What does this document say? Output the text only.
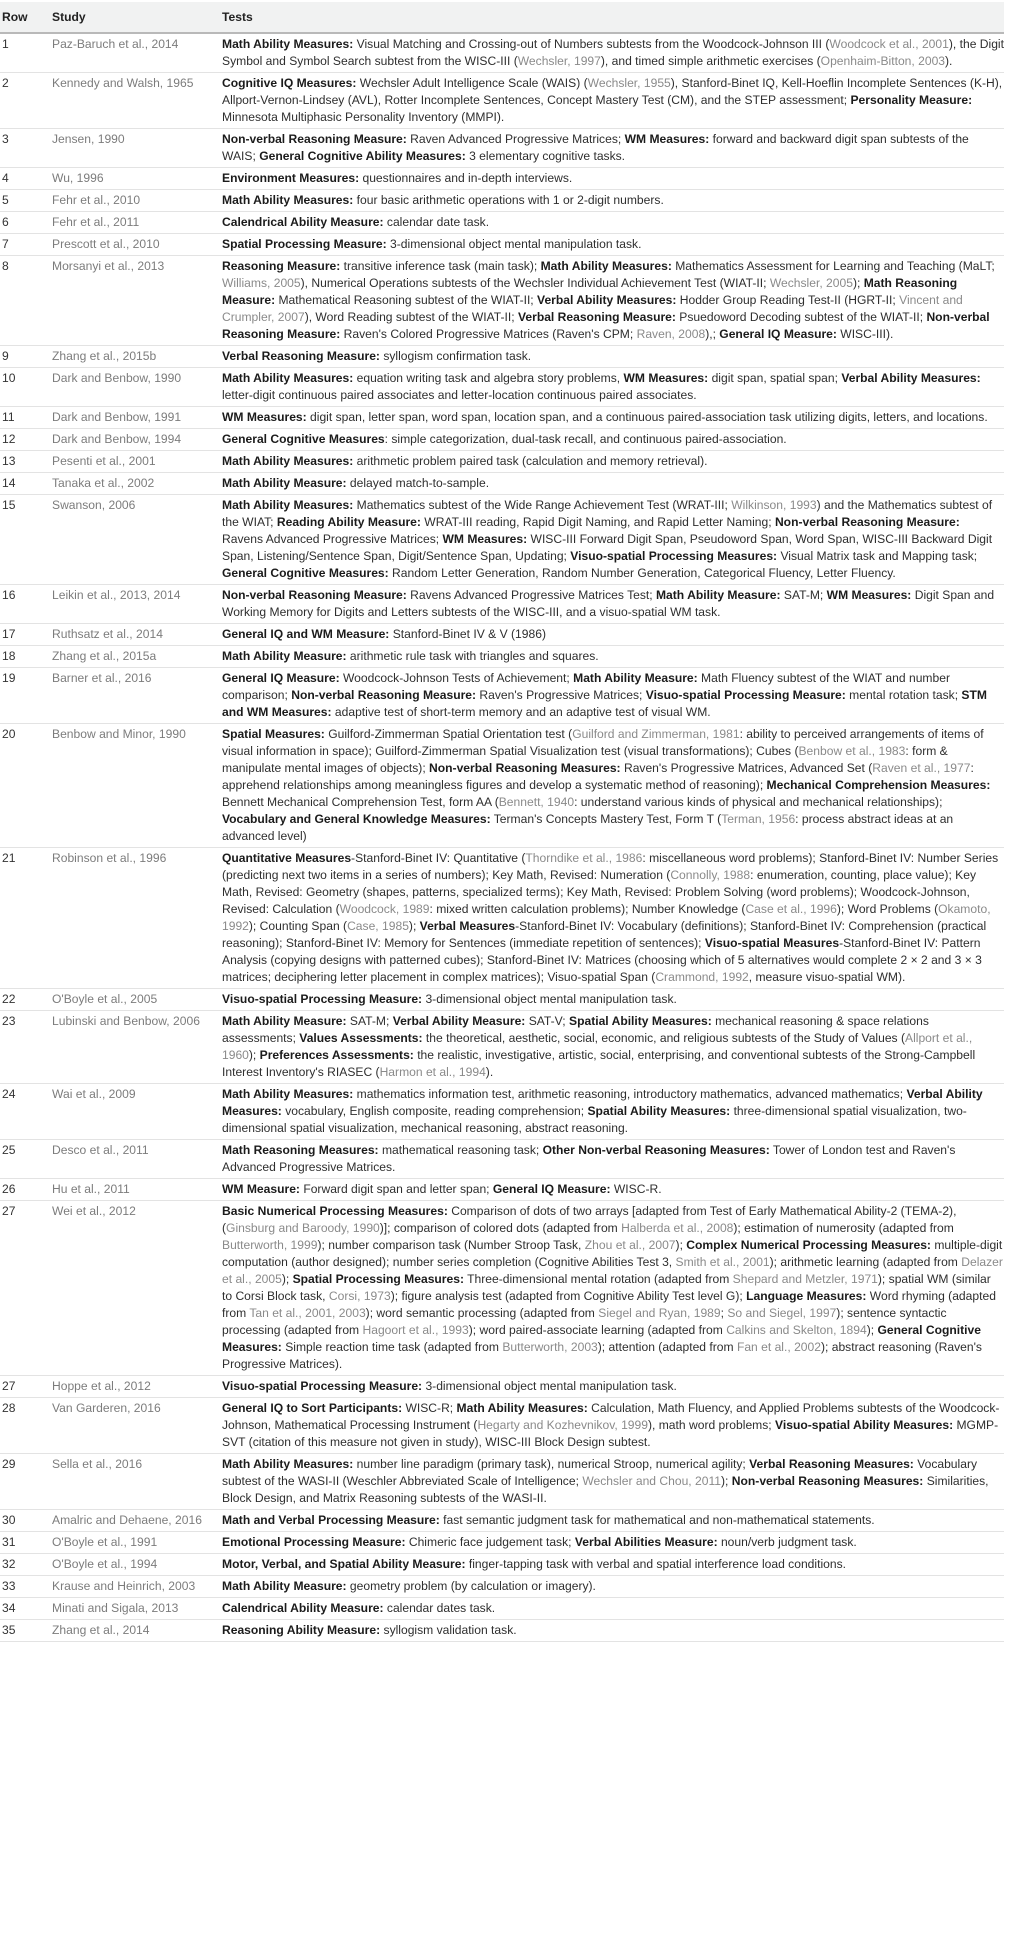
Row	Study	Tests
1	Paz-Baruch et al., 2014	Math Ability Measures: Visual Matching and Crossing-out of Numbers subtests from the Woodcock-Johnson III (Woodcock et al., 2001), the Digit Symbol and Symbol Search subtest from the WISC-III (Wechsler, 1997), and timed simple arithmetic exercises (Openhaim-Bitton, 2003).
2	Kennedy and Walsh, 1965	Cognitive IQ Measures: Wechsler Adult Intelligence Scale (WAIS) (Wechsler, 1955), Stanford-Binet IQ, Kell-Hoeflin Incomplete Sentences (K-H), Allport-Vernon-Lindsey (AVL), Rotter Incomplete Sentences, Concept Mastery Test (CM), and the STEP assessment; Personality Measure: Minnesota Multiphasic Personality Inventory (MMPI).
3	Jensen, 1990	Non-verbal Reasoning Measure: Raven Advanced Progressive Matrices; WM Measures: forward and backward digit span subtests of the WAIS; General Cognitive Ability Measures: 3 elementary cognitive tasks.
4	Wu, 1996	Environment Measures: questionnaires and in-depth interviews.
5	Fehr et al., 2010	Math Ability Measures: four basic arithmetic operations with 1 or 2-digit numbers.
6	Fehr et al., 2011	Calendrical Ability Measure: calendar date task.
7	Prescott et al., 2010	Spatial Processing Measure: 3-dimensional object mental manipulation task.
8	Morsanyi et al., 2013	Reasoning Measure: transitive inference task (main task); Math Ability Measures: Mathematics Assessment for Learning and Teaching (MaLT; Williams, 2005), Numerical Operations subtests of the Wechsler Individual Achievement Test (WIAT-II; Wechsler, 2005); Math Reasoning Measure: Mathematical Reasoning subtest of the WIAT-II; Verbal Ability Measures: Hodder Group Reading Test-II (HGRT-II; Vincent and Crumpler, 2007), Word Reading subtest of the WIAT-II; Verbal Reasoning Measure: Psuedoword Decoding subtest of the WIAT-II; Non-verbal Reasoning Measure: Raven's Colored Progressive Matrices (Raven's CPM; Raven, 2008),; General IQ Measure: WISC-III).
9	Zhang et al., 2015b	Verbal Reasoning Measure: syllogism confirmation task.
10	Dark and Benbow, 1990	Math Ability Measures: equation writing task and algebra story problems, WM Measures: digit span, spatial span; Verbal Ability Measures: letter-digit continuous paired associates and letter-location continuous paired associates.
11	Dark and Benbow, 1991	WM Measures: digit span, letter span, word span, location span, and a continuous paired-association task utilizing digits, letters, and locations.
12	Dark and Benbow, 1994	General Cognitive Measures: simple categorization, dual-task recall, and continuous paired-association.
13	Pesenti et al., 2001	Math Ability Measures: arithmetic problem paired task (calculation and memory retrieval).
14	Tanaka et al., 2002	Math Ability Measure: delayed match-to-sample.
15	Swanson, 2006	Math Ability Measures: Mathematics subtest of the Wide Range Achievement Test (WRAT-III; Wilkinson, 1993) and the Mathematics subtest of the WIAT; Reading Ability Measure: WRAT-III reading, Rapid Digit Naming, and Rapid Letter Naming; Non-verbal Reasoning Measure: Ravens Advanced Progressive Matrices; WM Measures: WISC-III Forward Digit Span, Pseudoword Span, Word Span, WISC-III Backward Digit Span, Listening/Sentence Span, Digit/Sentence Span, Updating; Visuo-spatial Processing Measures: Visual Matrix task and Mapping task; General Cognitive Measures: Random Letter Generation, Random Number Generation, Categorical Fluency, Letter Fluency.
16	Leikin et al., 2013, 2014	Non-verbal Reasoning Measure: Ravens Advanced Progressive Matrices Test; Math Ability Measure: SAT-M; WM Measures: Digit Span and Working Memory for Digits and Letters subtests of the WISC-III, and a visuo-spatial WM task.
17	Ruthsatz et al., 2014	General IQ and WM Measure: Stanford-Binet IV & V (1986)
18	Zhang et al., 2015a	Math Ability Measure: arithmetic rule task with triangles and squares.
19	Barner et al., 2016	General IQ Measure: Woodcock-Johnson Tests of Achievement; Math Ability Measure: Math Fluency subtest of the WIAT and number comparison; Non-verbal Reasoning Measure: Raven's Progressive Matrices; Visuo-spatial Processing Measure: mental rotation task; STM and WM Measures: adaptive test of short-term memory and an adaptive test of visual WM.
20	Benbow and Minor, 1990	Spatial Measures: Guilford-Zimmerman Spatial Orientation test (Guilford and Zimmerman, 1981: ability to perceived arrangements of items of visual information in space); Guilford-Zimmerman Spatial Visualization test (visual transformations); Cubes (Benbow et al., 1983: form & manipulate mental images of objects); Non-verbal Reasoning Measures: Raven's Progressive Matrices, Advanced Set (Raven et al., 1977: apprehend relationships among meaningless figures and develop a systematic method of reasoning); Mechanical Comprehension Measures: Bennett Mechanical Comprehension Test, form AA (Bennett, 1940: understand various kinds of physical and mechanical relationships); Vocabulary and General Knowledge Measures: Terman's Concepts Mastery Test, Form T (Terman, 1956: process abstract ideas at an advanced level)
21	Robinson et al., 1996	Quantitative Measures-Stanford-Binet IV: Quantitative (Thorndike et al., 1986: miscellaneous word problems); Stanford-Binet IV: Number Series (predicting next two items in a series of numbers); Key Math, Revised: Numeration (Connolly, 1988: enumeration, counting, place value); Key Math, Revised: Geometry (shapes, patterns, specialized terms); Key Math, Revised: Problem Solving (word problems); Woodcock-Johnson, Revised: Calculation (Woodcock, 1989: mixed written calculation problems); Number Knowledge (Case et al., 1996); Word Problems (Okamoto, 1992); Counting Span (Case, 1985); Verbal Measures-Stanford-Binet IV: Vocabulary (definitions); Stanford-Binet IV: Comprehension (practical reasoning); Stanford-Binet IV: Memory for Sentences (immediate repetition of sentences); Visuo-spatial Measures-Stanford-Binet IV: Pattern Analysis (copying designs with patterned cubes); Stanford-Binet IV: Matrices (choosing which of 5 alternatives would complete 2 × 2 and 3 × 3 matrices; deciphering letter placement in complex matrices); Visuo-spatial Span (Crammond, 1992, measure visuo-spatial WM).
22	O'Boyle et al., 2005	Visuo-spatial Processing Measure: 3-dimensional object mental manipulation task.
23	Lubinski and Benbow, 2006	Math Ability Measure: SAT-M; Verbal Ability Measure: SAT-V; Spatial Ability Measures: mechanical reasoning & space relations assessments; Values Assessments: the theoretical, aesthetic, social, economic, and religious subtests of the Study of Values (Allport et al., 1960); Preferences Assessments: the realistic, investigative, artistic, social, enterprising, and conventional subtests of the Strong-Campbell Interest Inventory's RIASEC (Harmon et al., 1994).
24	Wai et al., 2009	Math Ability Measures: mathematics information test, arithmetic reasoning, introductory mathematics, advanced mathematics; Verbal Ability Measures: vocabulary, English composite, reading comprehension; Spatial Ability Measures: three-dimensional spatial visualization, two-dimensional spatial visualization, mechanical reasoning, abstract reasoning.
25	Desco et al., 2011	Math Reasoning Measures: mathematical reasoning task; Other Non-verbal Reasoning Measures: Tower of London test and Raven's Advanced Progressive Matrices.
26	Hu et al., 2011	WM Measure: Forward digit span and letter span; General IQ Measure: WISC-R.
27	Wei et al., 2012	Basic Numerical Processing Measures: Comparison of dots of two arrays [adapted from Test of Early Mathematical Ability-2 (TEMA-2), (Ginsburg and Baroody, 1990)]; comparison of colored dots (adapted from Halberda et al., 2008); estimation of numerosity (adapted from Butterworth, 1999); number comparison task (Number Stroop Task, Zhou et al., 2007); Complex Numerical Processing Measures: multiple-digit computation (author designed); number series completion (Cognitive Abilities Test 3, Smith et al., 2001); arithmetic learning (adapted from Delazer et al., 2005); Spatial Processing Measures: Three-dimensional mental rotation (adapted from Shepard and Metzler, 1971); spatial WM (similar to Corsi Block task, Corsi, 1973); figure analysis test (adapted from Cognitive Ability Test level G); Language Measures: Word rhyming (adapted from Tan et al., 2001, 2003); word semantic processing (adapted from Siegel and Ryan, 1989; So and Siegel, 1997); sentence syntactic processing (adapted from Hagoort et al., 1993); word paired-associate learning (adapted from Calkins and Skelton, 1894); General Cognitive Measures: Simple reaction time task (adapted from Butterworth, 2003); attention (adapted from Fan et al., 2002); abstract reasoning (Raven's Progressive Matrices).
27	Hoppe et al., 2012	Visuo-spatial Processing Measure: 3-dimensional object mental manipulation task.
28	Van Garderen, 2016	General IQ to Sort Participants: WISC-R; Math Ability Measures: Calculation, Math Fluency, and Applied Problems subtests of the Woodcock-Johnson, Mathematical Processing Instrument (Hegarty and Kozhevnikov, 1999), math word problems; Visuo-spatial Ability Measures: MGMP-SVT (citation of this measure not given in study), WISC-III Block Design subtest.
29	Sella et al., 2016	Math Ability Measures: number line paradigm (primary task), numerical Stroop, numerical agility; Verbal Reasoning Measures: Vocabulary subtest of the WASI-II (Weschler Abbreviated Scale of Intelligence; Wechsler and Chou, 2011); Non-verbal Reasoning Measures: Similarities, Block Design, and Matrix Reasoning subtests of the WASI-II.
30	Amalric and Dehaene, 2016	Math and Verbal Processing Measure: fast semantic judgment task for mathematical and non-mathematical statements.
31	O'Boyle et al., 1991	Emotional Processing Measure: Chimeric face judgement task; Verbal Abilities Measure: noun/verb judgment task.
32	O'Boyle et al., 1994	Motor, Verbal, and Spatial Ability Measure: finger-tapping task with verbal and spatial interference load conditions.
33	Krause and Heinrich, 2003	Math Ability Measure: geometry problem (by calculation or imagery).
34	Minati and Sigala, 2013	Calendrical Ability Measure: calendar dates task.
35	Zhang et al., 2014	Reasoning Ability Measure: syllogism validation task.
